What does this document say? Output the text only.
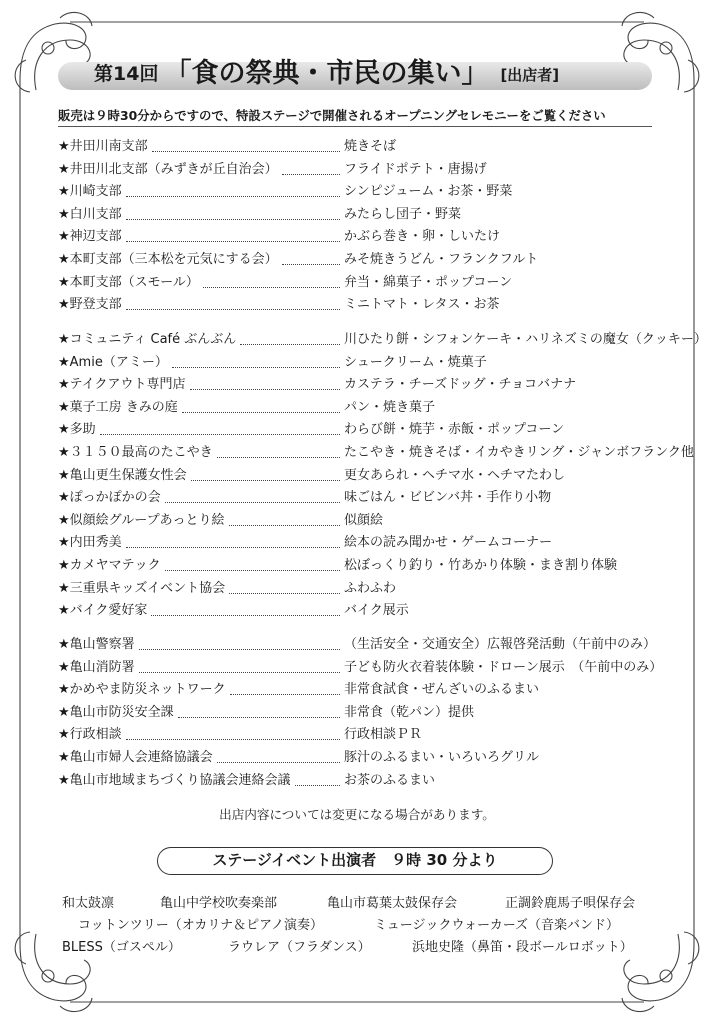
第14回 「食の祭典・市民の集い」 [出店者]
販売は９時30分からですので、特設ステージで開催されるオープニングセレモニーをご覧ください
★井田川南支部	焼きそば
★井田川北支部（みずきが丘自治会）	フライドポテト・唐揚げ
★川崎支部	シンピジューム・お茶・野菜
★白川支部	みたらし団子・野菜
★神辺支部	かぶら巻き・卵・しいたけ
★本町支部（三本松を元気にする会）	みそ焼きうどん・フランクフルト
★本町支部（スモール）	弁当・綿菓子・ポップコーン
★野登支部	ミニトマト・レタス・お茶
★コミュニティ Café ぶんぶん	川ひたり餅・シフォンケーキ・ハリネズミの魔女（クッキー）
★Amie（アミー）	シュークリーム・焼菓子
★テイクアウト専門店	カステラ・チーズドッグ・チョコバナナ
★菓子工房 きみの庭	パン・焼き菓子
★多助	わらび餅・焼芋・赤飯・ポップコーン
★３１５０最高のたこやき	たこやき・焼きそば・イカやきリング・ジャンボフランク他
★亀山更生保護女性会	更女あられ・ヘチマ水・ヘチマたわし
★ぽっかぽかの会	味ごはん・ビビンバ丼・手作り小物
★似顔絵グループあっとり絵	似顔絵
★内田秀美	絵本の読み聞かせ・ゲームコーナー
★カメヤマテック	松ぼっくり釣り・竹あかり体験・まき割り体験
★三重県キッズイベント協会	ふわふわ
★バイク愛好家	バイク展示
★亀山警察署	（生活安全・交通安全）広報啓発活動（午前中のみ）
★亀山消防署	子ども防火衣着装体験・ドローン展示　（午前中のみ）
★かめやま防災ネットワーク	非常食試食・ぜんざいのふるまい
★亀山市防災安全課	非常食（乾パン）提供
★行政相談	行政相談ＰＲ
★亀山市婦人会連絡協議会	豚汁のふるまい・いろいろグリル
★亀山市地域まちづくり協議会連絡会議	お茶のふるまい
出店内容については変更になる場合があります。
ステージイベント出演者　９時 30 分より
和太鼓凛	亀山中学校吹奏楽部	亀山市葛葉太鼓保存会	正調鈴鹿馬子唄保存会
コットンツリー（オカリナ＆ピアノ演奏）	ミュージックウォーカーズ（音楽バンド）
BLESS（ゴスペル）	ラウレア（フラダンス）	浜地史隆（鼻笛・段ボールロボット）
